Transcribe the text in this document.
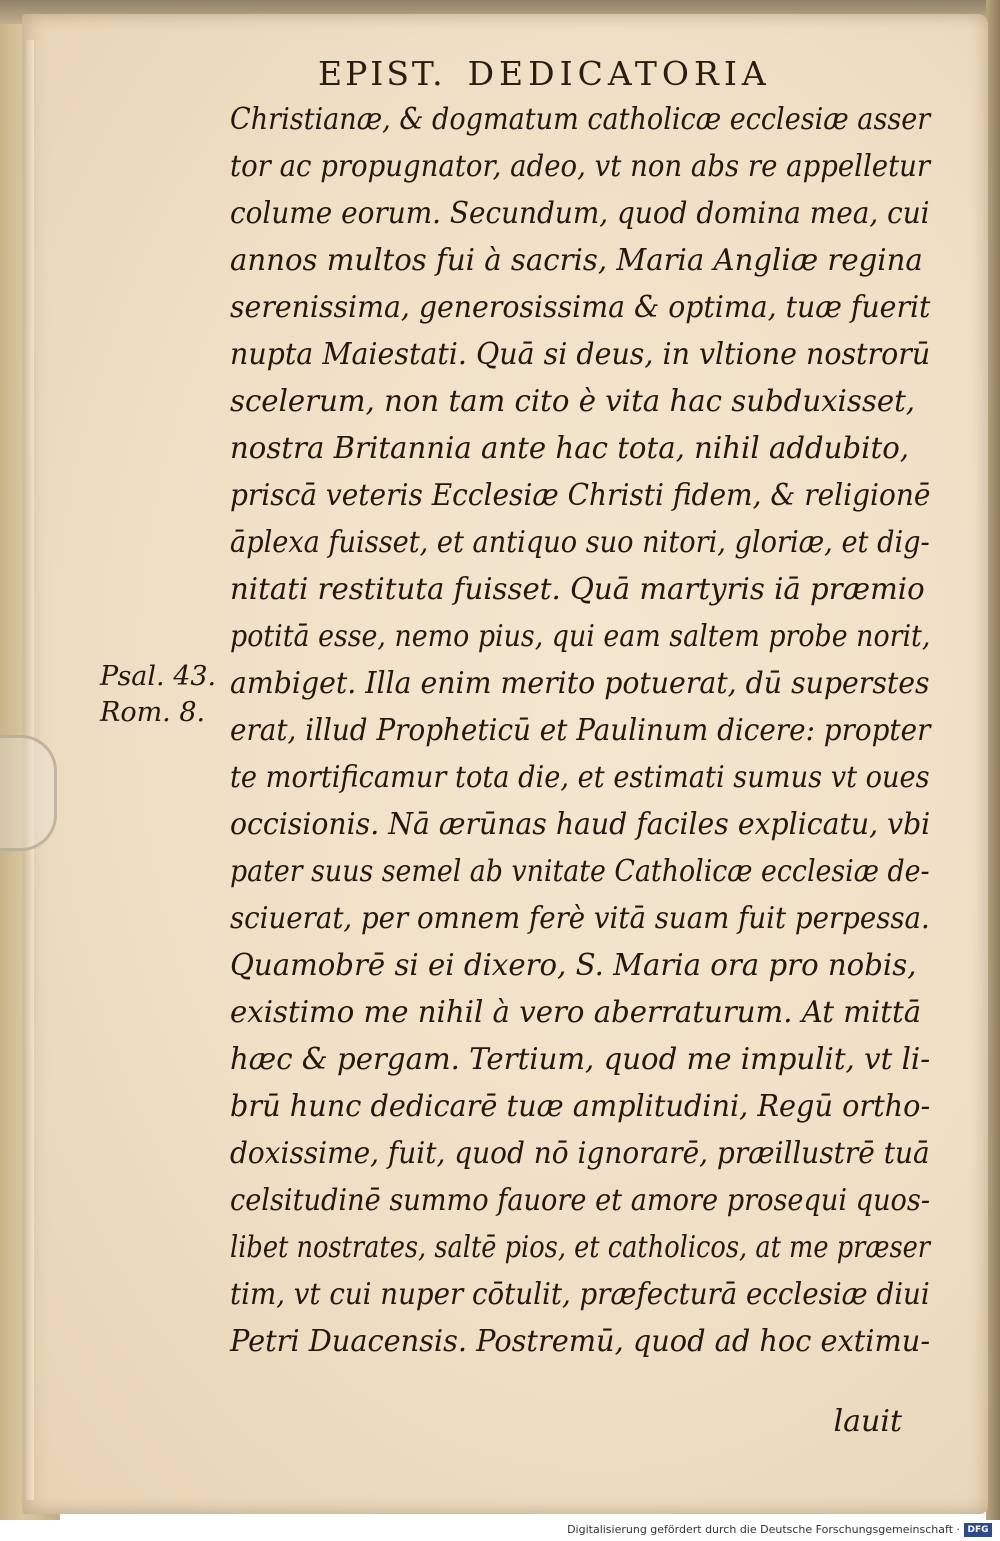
EPIST. DEDICATORIA
Christianæ, & dogmatum catholicæ ecclesiæ asser
tor ac propugnator, adeo, vt non abs re appelletur
colume eorum. Secundum, quod domina mea, cui
annos multos fui à sacris, Maria Angliæ regina
serenissima, generosissima & optima, tuæ fuerit
nupta Maiestati. Quā si deus, in vltione nostrorū
scelerum, non tam cito è vita hac subduxisset,
nostra Britannia ante hac tota, nihil addubito,
priscā veteris Ecclesiæ Christi fidem, & religionē
āplexa fuisset, et antiquo suo nitori, gloriæ, et dig-
nitati restituta fuisset. Quā martyris iā præmio
potitā esse, nemo pius, qui eam saltem probe norit,
ambiget. Illa enim merito potuerat, dū superstes
erat, illud Propheticū et Paulinum dicere: propter
te mortificamur tota die, et estimati sumus vt oues
occisionis. Nā ærūnas haud faciles explicatu, vbi
pater suus semel ab vnitate Catholicæ ecclesiæ de-
sciuerat, per omnem ferè vitā suam fuit perpessa.
Quamobrē si ei dixero, S. Maria ora pro nobis,
existimo me nihil à vero aberraturum. At mittā
hæc & pergam. Tertium, quod me impulit, vt li-
brū hunc dedicarē tuæ amplitudini, Regū ortho-
doxissime, fuit, quod nō ignorarē, præillustrē tuā
celsitudinē summo fauore et amore prosequi quos-
libet nostrates, saltē pios, et catholicos, at me præser
tim, vt cui nuper cōtulit, præfecturā ecclesiæ diui
Petri Duacensis. Postremū, quod ad hoc extimu-
Psal. 43.
Rom. 8.
lauit
Digitalisierung gefördert durch die Deutsche Forschungsgemeinschaft · DFG
